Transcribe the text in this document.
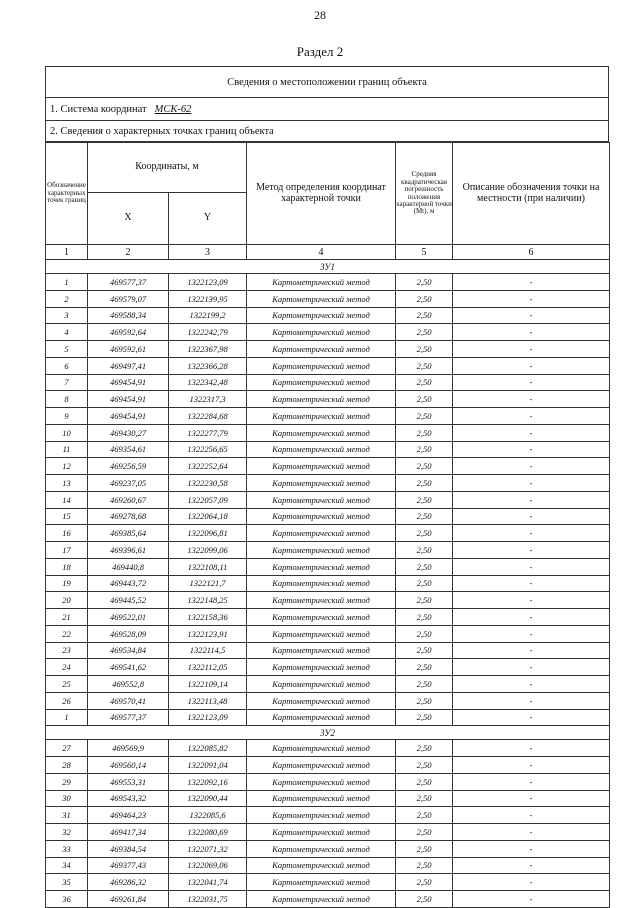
28
Раздел 2
Сведения о местоположении границ объекта
1. Система координат МСК-62
2. Сведения о характерных точках границ объекта
Обозначение характерных точек границ	Координаты, м		Метод определения координат характерной точки	Средняя квадратическая погрешность положения характерной точки (Mt), м	Описание обозначения точки на местности (при наличии)
	X	Y			
1	2	3	4	5	6
ЗУ1					
1	469577,37	1322123,09	Картометрический метод	2,50	-
2	469579,07	1322139,95	Картометрический метод	2,50	-
3	469588,34	1322199,2	Картометрический метод	2,50	-
4	469592,64	1322242,79	Картометрический метод	2,50	-
5	469592,61	1322367,98	Картометрический метод	2,50	-
6	469497,41	1322366,28	Картометрический метод	2,50	-
7	469454,91	1322342,48	Картометрический метод	2,50	-
8	469454,91	1322317,3	Картометрический метод	2,50	-
9	469454,91	1322284,68	Картометрический метод	2,50	-
10	469430,27	1322277,79	Картометрический метод	2,50	-
11	469354,61	1322256,65	Картометрический метод	2,50	-
12	469256,59	1322252,64	Картометрический метод	2,50	-
13	469237,05	1322230,58	Картометрический метод	2,50	-
14	469260,67	1322057,09	Картометрический метод	2,50	-
15	469278,68	1322064,18	Картометрический метод	2,50	-
16	469385,64	1322096,81	Картометрический метод	2,50	-
17	469396,61	1322099,06	Картометрический метод	2,50	-
18	469440,8	1322108,11	Картометрический метод	2,50	-
19	469443,72	1322121,7	Картометрический метод	2,50	-
20	469445,52	1322148,25	Картометрический метод	2,50	-
21	469522,01	1322158,36	Картометрический метод	2,50	-
22	469528,09	1322123,91	Картометрический метод	2,50	-
23	469534,84	1322114,5	Картометрический метод	2,50	-
24	469541,62	1322112,05	Картометрический метод	2,50	-
25	469552,8	1322109,14	Картометрический метод	2,50	-
26	469570,41	1322113,48	Картометрический метод	2,50	-
1	469577,37	1322123,09	Картометрический метод	2,50	-
ЗУ2					
27	469569,9	1322085,82	Картометрический метод	2,50	-
28	469560,14	1322091,04	Картометрический метод	2,50	-
29	469553,31	1322092,16	Картометрический метод	2,50	-
30	469543,32	1322090,44	Картометрический метод	2,50	-
31	469464,23	1322085,6	Картометрический метод	2,50	-
32	469417,34	1322080,69	Картометрический метод	2,50	-
33	469384,54	1322071,32	Картометрический метод	2,50	-
34	469377,43	1322069,06	Картометрический метод	2,50	-
35	469286,32	1322041,74	Картометрический метод	2,50	-
36	469261,84	1322031,75	Картометрический метод	2,50	-
